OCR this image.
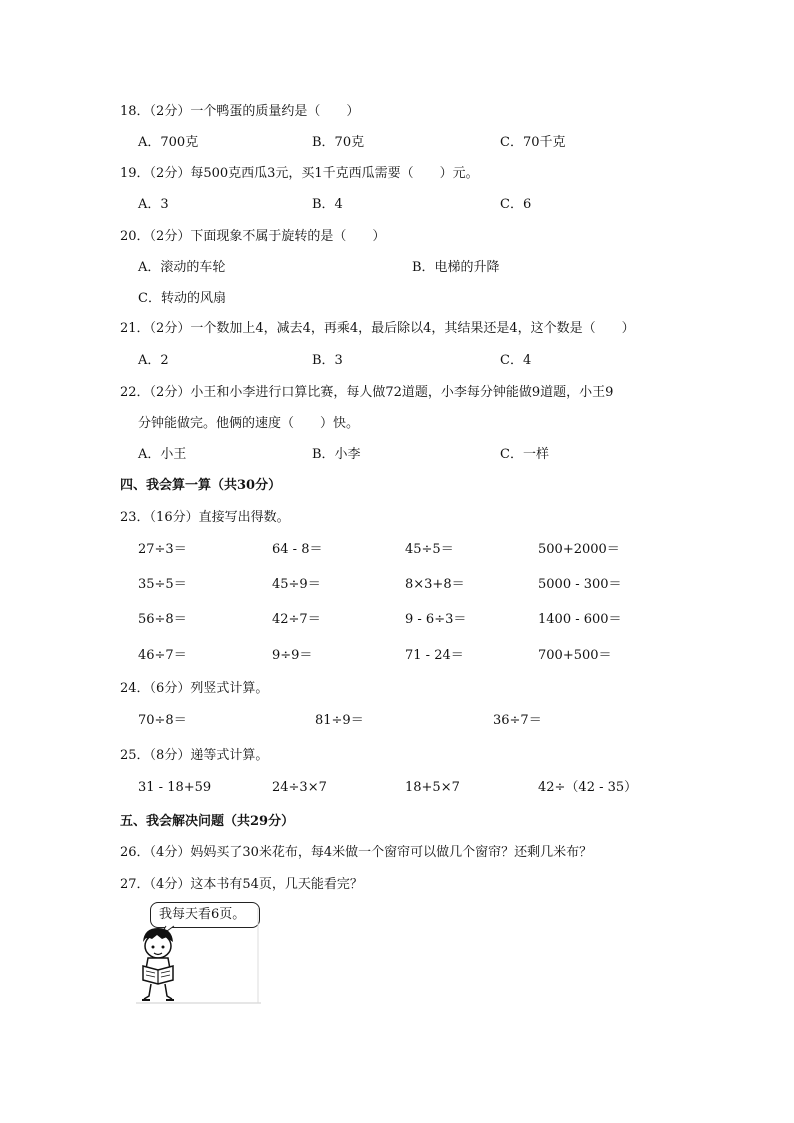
18．（2分）一个鸭蛋的质量约是（　　）
A．700克	B．70克	C．70千克
19．（2分）每500克西瓜3元，买1千克西瓜需要（　　）元。
A．3	B．4	C．6
20．（2分）下面现象不属于旋转的是（　　）
A．滚动的车轮	B．电梯的升降
C．转动的风扇
21．（2分）一个数加上4，减去4，再乘4，最后除以4，其结果还是4，这个数是（　　）
A．2	B．3	C．4
22．（2分）小王和小李进行口算比赛，每人做72道题，小李每分钟能做9道题，小王9
分钟能做完。他俩的速度（　　）快。
A．小王	B．小李	C．一样
四、我会算一算（共30分）
23．（16分）直接写出得数。
27÷3＝	64 - 8＝	45÷5＝	500+2000＝
35÷5＝	45÷9＝	8×3+8＝	5000 - 300＝
56÷8＝	42÷7＝	9 - 6÷3＝	1400 - 600＝
46÷7＝	9÷9＝	71 - 24＝	700+500＝
24．（6分）列竖式计算。
70÷8＝	81÷9＝	36÷7＝
25．（8分）递等式计算。
31 - 18+59	24÷3×7	18+5×7	42÷（42 - 35）
五、我会解决问题（共29分）
26．（4分）妈妈买了30米花布，每4米做一个窗帘可以做几个窗帘？还剩几米布？
27．（4分）这本书有54页，几天能看完？
我每天看6页。
